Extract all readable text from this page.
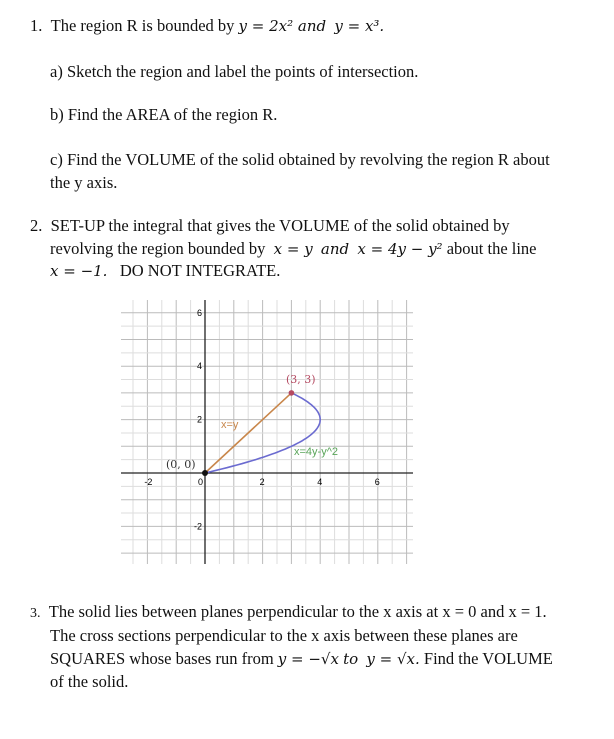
1. The region R is bounded by y = 2x² and y = x³.
a) Sketch the region and label the points of intersection.
b) Find the AREA of the region R.
c) Find the VOLUME of the solid obtained by revolving the region R about
the y axis.
2. SET-UP the integral that gives the VOLUME of the solid obtained by
revolving the region bounded by  x = y and x = 4y − y² about the line
x = −1. DO NOT INTEGRATE.
-2	0	2	4	6
6
4
2
-2
x=y
x=4y-y^2
(3, 3)
(0, 0)
3. The solid lies between planes perpendicular to the x axis at x = 0 and x = 1.
The cross sections perpendicular to the x axis between these planes are
SQUARES whose bases run from y = −√x to y = √x. Find the VOLUME
of the solid.
